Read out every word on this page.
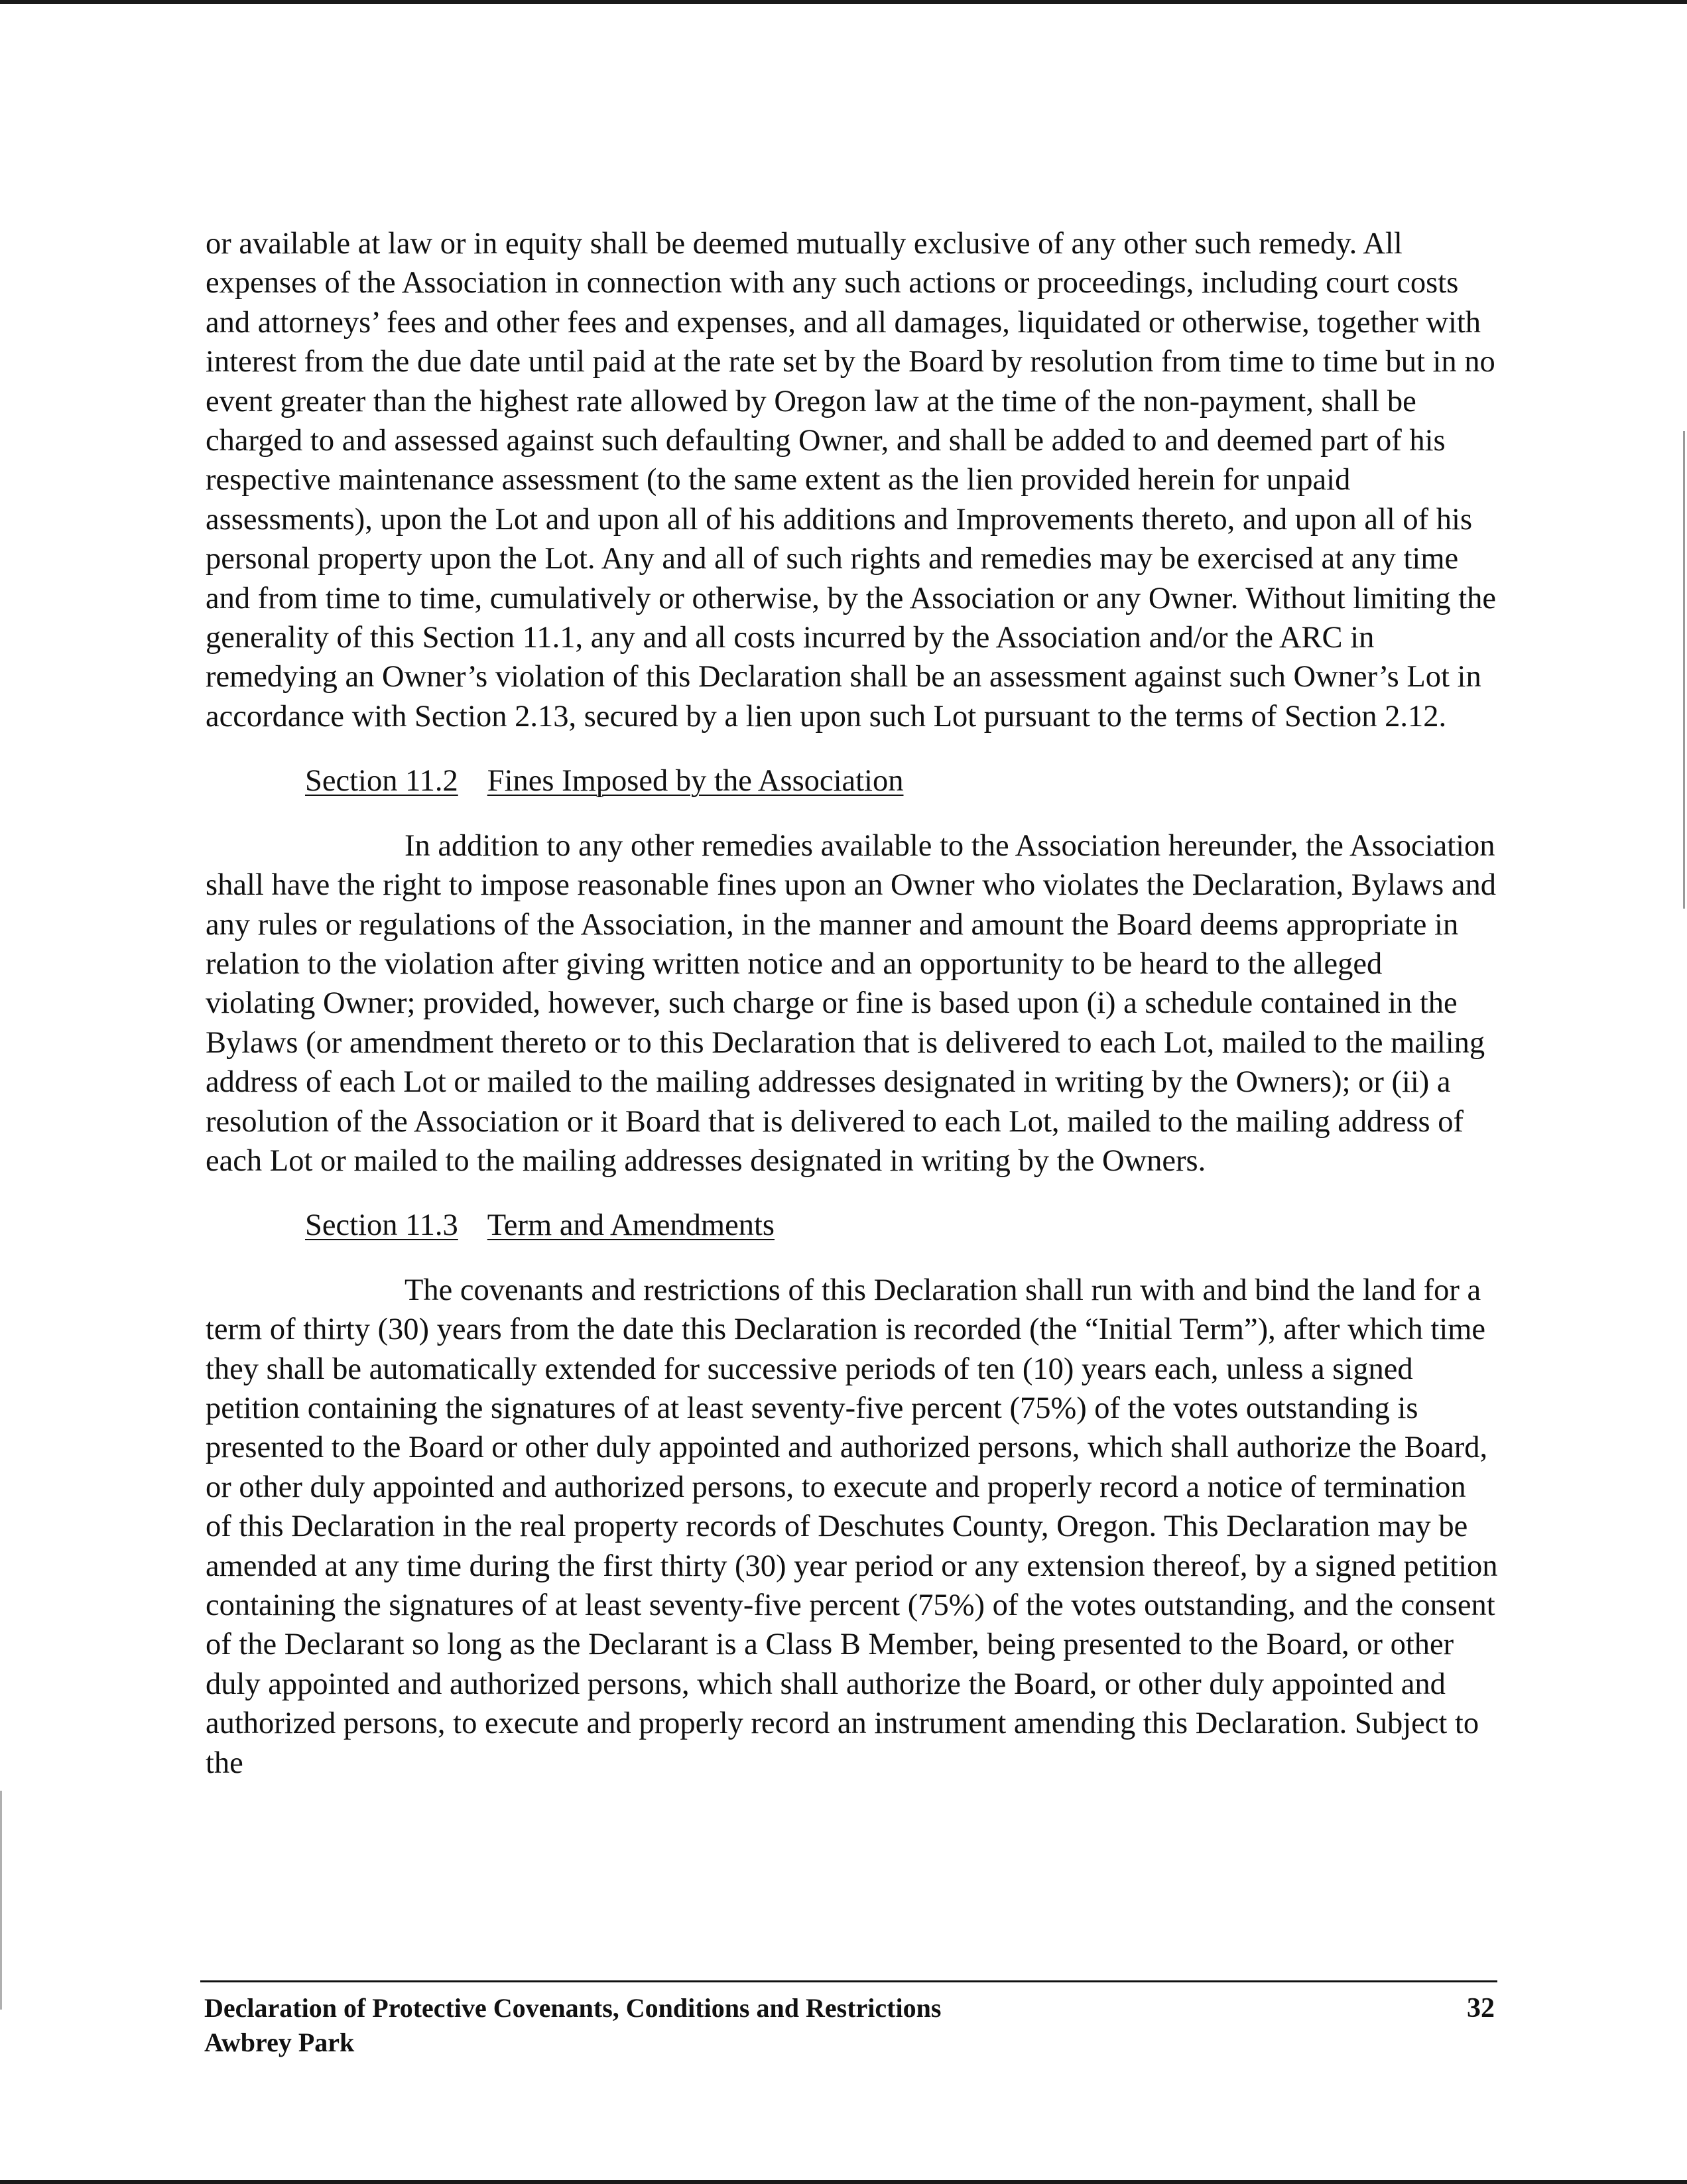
or available at law or in equity shall be deemed mutually exclusive of any other such remedy. All expenses of the Association in connection with any such actions or proceedings, including court costs and attorneys’ fees and other fees and expenses, and all damages, liquidated or otherwise, together with interest from the due date until paid at the rate set by the Board by resolution from time to time but in no event greater than the highest rate allowed by Oregon law at the time of the non-payment, shall be charged to and assessed against such defaulting Owner, and shall be added to and deemed part of his respective maintenance assessment (to the same extent as the lien provided herein for unpaid assessments), upon the Lot and upon all of his additions and Improvements thereto, and upon all of his personal property upon the Lot. Any and all of such rights and remedies may be exercised at any time and from time to time, cumulatively or otherwise, by the Association or any Owner. Without limiting the generality of this Section 11.1, any and all costs incurred by the Association and/or the ARC in remedying an Owner’s violation of this Declaration shall be an assessment against such Owner’s Lot in accordance with Section 2.13, secured by a lien upon such Lot pursuant to the terms of Section 2.12.

Section 11.2 Fines Imposed by the Association

In addition to any other remedies available to the Association hereunder, the Association shall have the right to impose reasonable fines upon an Owner who violates the Declaration, Bylaws and any rules or regulations of the Association, in the manner and amount the Board deems appropriate in relation to the violation after giving written notice and an opportunity to be heard to the alleged violating Owner; provided, however, such charge or fine is based upon (i) a schedule contained in the Bylaws (or amendment thereto or to this Declaration that is delivered to each Lot, mailed to the mailing address of each Lot or mailed to the mailing addresses designated in writing by the Owners); or (ii) a resolution of the Association or it Board that is delivered to each Lot, mailed to the mailing address of each Lot or mailed to the mailing addresses designated in writing by the Owners.

Section 11.3 Term and Amendments

The covenants and restrictions of this Declaration shall run with and bind the land for a term of thirty (30) years from the date this Declaration is recorded (the “Initial Term”), after which time they shall be automatically extended for successive periods of ten (10) years each, unless a signed petition containing the signatures of at least seventy-five percent (75%) of the votes outstanding is presented to the Board or other duly appointed and authorized persons, which shall authorize the Board, or other duly appointed and authorized persons, to execute and properly record a notice of termination of this Declaration in the real property records of Deschutes County, Oregon. This Declaration may be amended at any time during the first thirty (30) year period or any extension thereof, by a signed petition containing the signatures of at least seventy-five percent (75%) of the votes outstanding, and the consent of the Declarant so long as the Declarant is a Class B Member, being presented to the Board, or other duly appointed and authorized persons, which shall authorize the Board, or other duly appointed and authorized persons, to execute and properly record an instrument amending this Declaration. Subject to the

Declaration of Protective Covenants, Conditions and Restrictions
Awbrey Park
32
